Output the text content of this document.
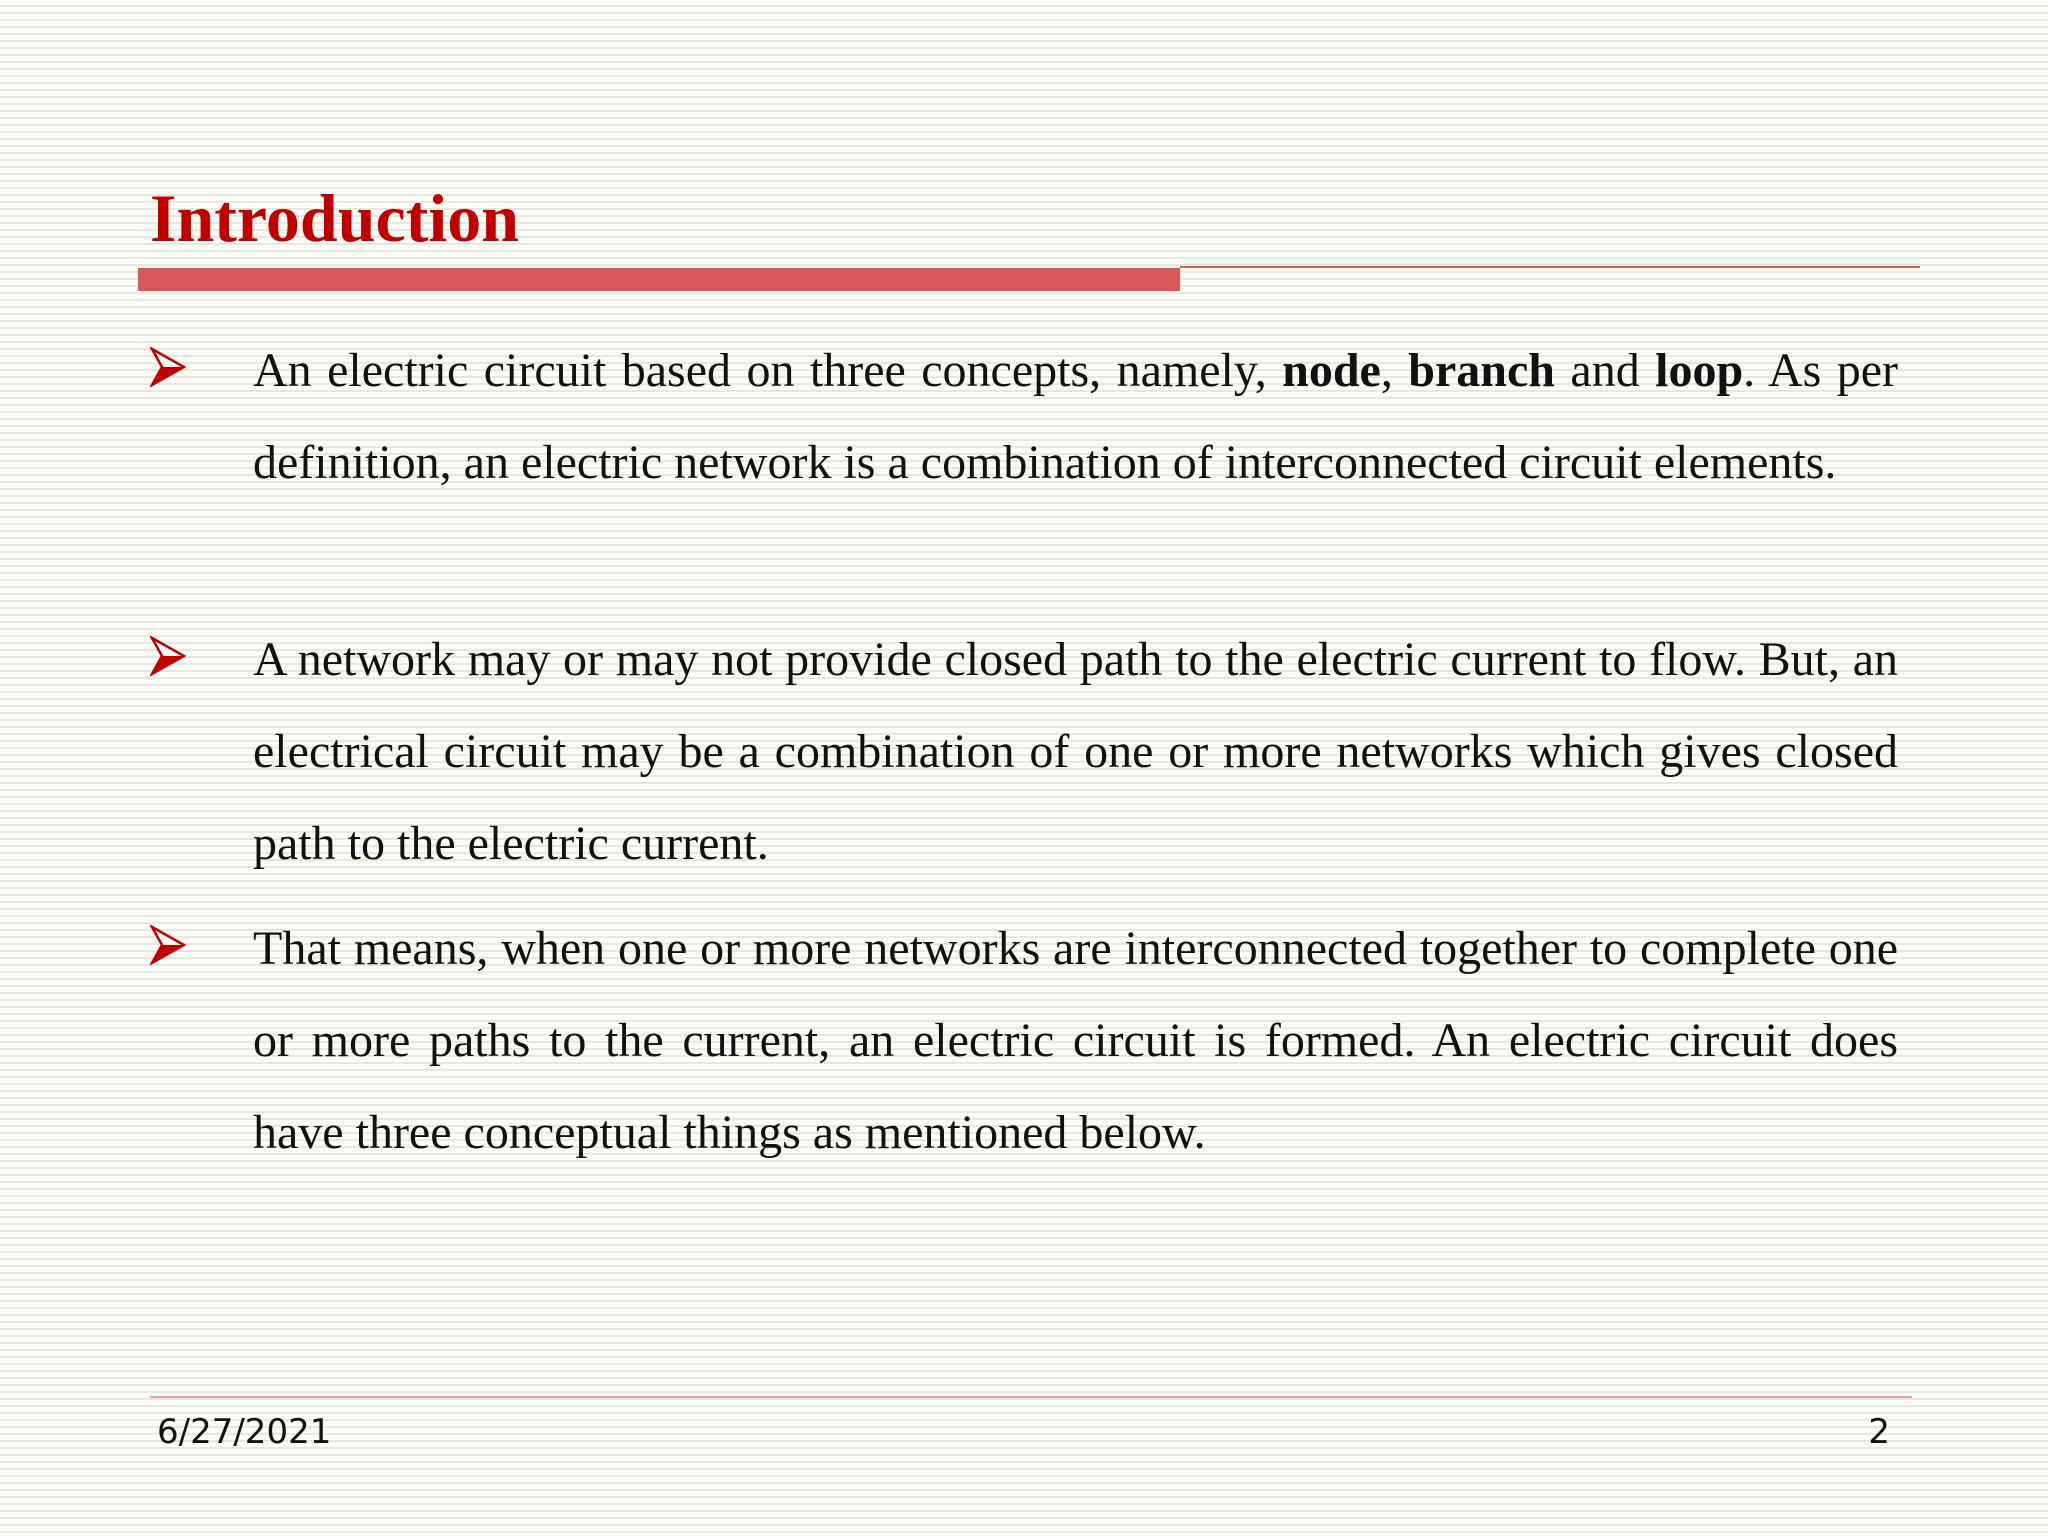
Introduction

An electric circuit based on three concepts, namely, node, branch and loop. As per definition, an electric network is a combination of interconnected circuit elements.

A network may or may not provide closed path to the electric current to flow. But, an electrical circuit may be a combination of one or more networks which gives closed path to the electric current.

That means, when one or more networks are interconnected together to complete one or more paths to the current, an electric circuit is formed. An electric circuit does have three conceptual things as mentioned below.

6/27/2021	2
